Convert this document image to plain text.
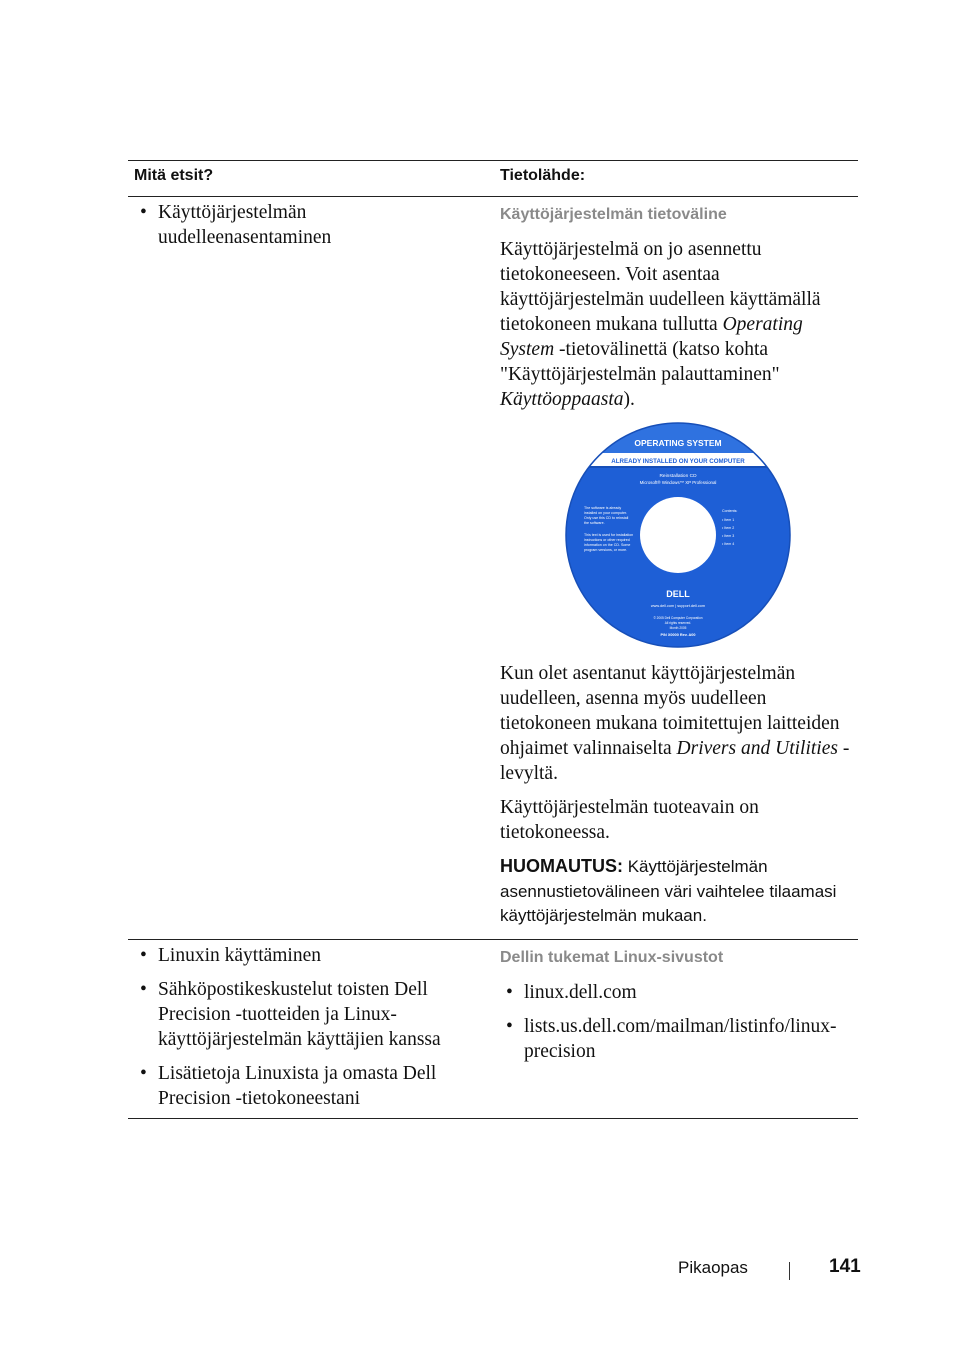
Mitä etsit?	Tietolähde:
• Käyttöjärjestelmän uudelleenasentaminen

Käyttöjärjestelmän tietoväline

Käyttöjärjestelmä on jo asennettu tietokoneeseen. Voit asentaa käyttöjärjestelmän uudelleen käyttämällä tietokoneen mukana tullutta Operating System -tietovälinettä (katso kohta "Käyttöjärjestelmän palauttaminen" Käyttöoppaasta).

OPERATING SYSTEM
ALREADY INSTALLED ON YOUR COMPUTER
Reinstallation CD
Microsoft® Windows™ XP Professional
The software is already
installed on your computer.
Only use this CD to reinstall
the software.
This text is used for installation
instructions or other required
information on the CD. Some
program versions, or more.
Contents:
• Item 1
• Item 2
• Item 3
• Item 4
DELL
www.dell.com | support.dell.com
© 2005 Dell Computer Corporation
All rights reserved.
Month 2005
P/N X0000 Rev. A00

Kun olet asentanut käyttöjärjestelmän uudelleen, asenna myös uudelleen tietokoneen mukana toimitettujen laitteiden ohjaimet valinnaiselta Drivers and Utilities -levyltä.

Käyttöjärjestelmän tuoteavain on tietokoneessa.

HUOMAUTUS: Käyttöjärjestelmän asennustietovälineen väri vaihtelee tilaamasi käyttöjärjestelmän mukaan.

• Linuxin käyttäminen
• Sähköpostikeskustelut toisten Dell Precision -tuotteiden ja Linux-käyttöjärjestelmän käyttäjien kanssa
• Lisätietoja Linuxista ja omasta Dell Precision -tietokoneestani

Dellin tukemat Linux-sivustot

• linux.dell.com
• lists.us.dell.com/mailman/listinfo/linux-precision
Pikaopas	141
